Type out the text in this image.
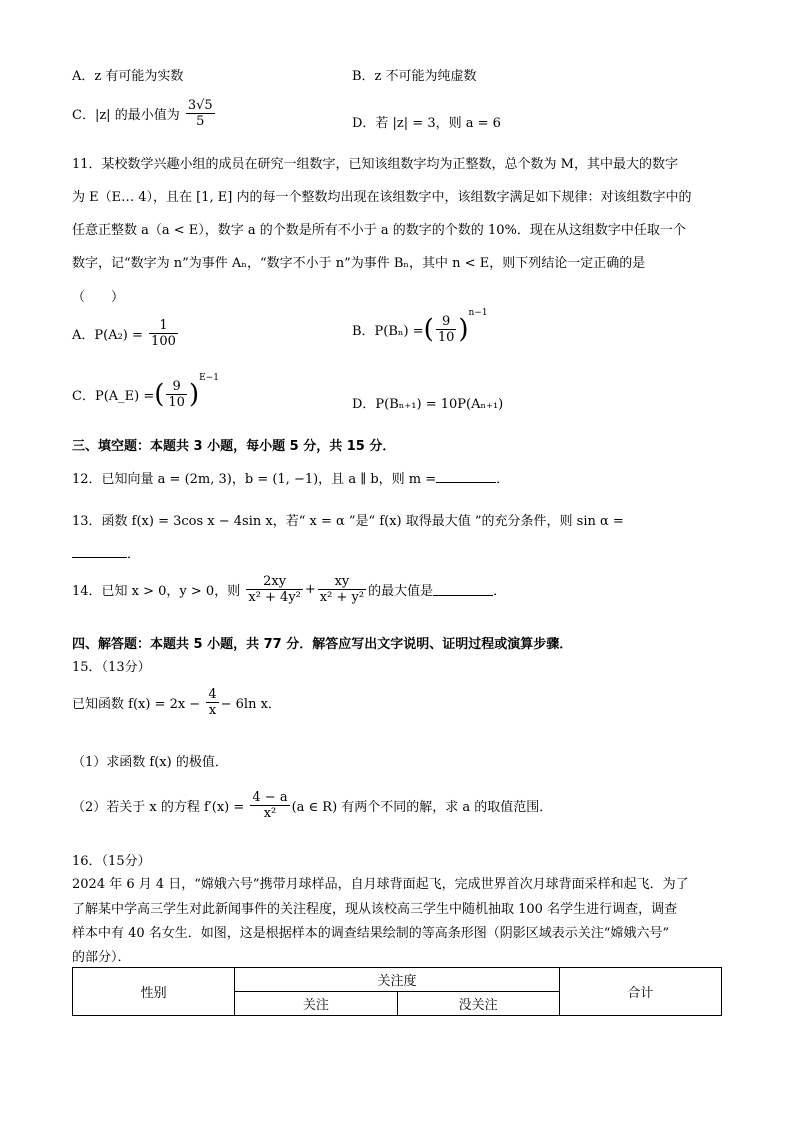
A．z 有可能为实数	B．z 不可能为纯虚数
C．|z| 的最小值为 $\frac{3√5}{5}$	D．若 |z| = 3，则 a = 6
11．某校数学兴趣小组的成员在研究一组数字，已知该组数字均为正整数，总个数为 M，其中最大的数字
为 E（E… 4），且在 [1, E] 内的每一个整数均出现在该组数字中，该组数字满足如下规律：对该组数字中的
任意正整数 a（a < E），数字 a 的个数是所有不小于 a 的数字的个数的 10%．现在从这组数字中任取一个
数字，记“数字为 n”为事件 Aₙ，“数字不小于 n”为事件 Bₙ，其中 n < E，则下列结论一定正确的是
（　　）
A．$P(A_2) = \frac{1}{100}$	B．P(Bₙ) =( $\frac{9}{10} )^{n-1}$
C．P(A_E) =( $\frac{9}{10} )^{E-1}$
D．P(Bₙ₊₁) = 10P(Aₙ₊₁)
三、填空题：本题共 3 小题，每小题 5 分，共 15 分．
12．已知向量 a = (2m, 3)，b = (1, −1)，且 a ∥ b，则 m =	．
13．函数 f(x) = 3cos x − 4sin x，若“ x = α ”是“ f(x) 取得最大值 ”的充分条件，则 sin α =
．
14．已知 x > 0，y > 0，则 $\frac{2xy}{\text{x² + 4y²}} + \frac{xy}{\text{x² + y²}}$ 的最大值是	．
四、解答题：本题共 5 小题，共 77 分．解答应写出文字说明、证明过程或演算步骤．
15．（13分）
已知函数 $f(x) = 2x - \frac{4}{x} - 6\ln$ x．
（1）求函数 f(x) 的极值．
（2）若关于 x 的方程 $f'(x) = \frac{4 - a}{\text{x²}} (a$ ∈ R) 有两个不同的解，求 a 的取值范围．
16．（15分）
2024 年 6 月 4 日，“嫦娥六号”携带月球样品，自月球背面起飞，完成世界首次月球背面采样和起飞．为了
了解某中学高三学生对此新闻事件的关注程度，现从该校高三学生中随机抽取 100 名学生进行调查，调查
样本中有 40 名女生．如图，这是根据样本的调查结果绘制的等高条形图（阴影区域表示关注“嫦娥六号”
的部分）．
性别	关注度		合计
	关注	没关注	
